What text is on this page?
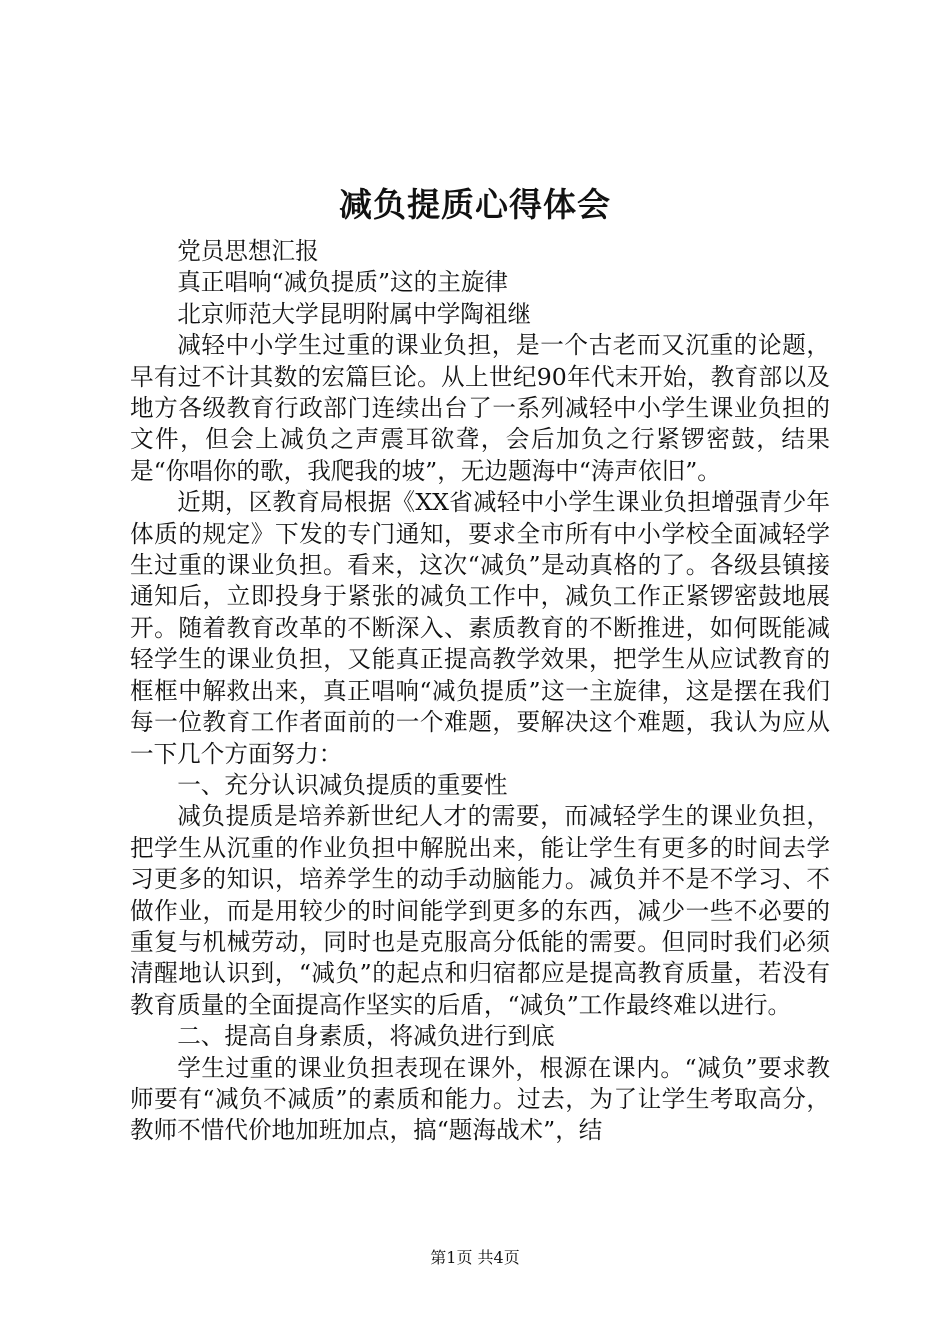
减负提质心得体会

党员思想汇报

真正唱响“减负提质”这的主旋律

北京师范大学昆明附属中学陶祖继

减轻中小学生过重的课业负担，是一个古老而又沉重的论题，早有过不计其数的宏篇巨论。从上世纪90年代末开始，教育部以及地方各级教育行政部门连续出台了一系列减轻中小学生课业负担的文件，但会上减负之声震耳欲聋，会后加负之行紧锣密鼓，结果是“你唱你的歌，我爬我的坡”，无边题海中“涛声依旧”。

近期，区教育局根据《XX省减轻中小学生课业负担增强青少年体质的规定》下发的专门通知，要求全市所有中小学校全面减轻学生过重的课业负担。看来，这次“减负”是动真格的了。各级县镇接通知后，立即投身于紧张的减负工作中，减负工作正紧锣密鼓地展开。随着教育改革的不断深入、素质教育的不断推进，如何既能减轻学生的课业负担，又能真正提高教学效果，把学生从应试教育的框框中解救出来，真正唱响“减负提质”这一主旋律，这是摆在我们每一位教育工作者面前的一个难题，要解决这个难题，我认为应从一下几个方面努力：

一、充分认识减负提质的重要性

减负提质是培养新世纪人才的需要，而减轻学生的课业负担，把学生从沉重的作业负担中解脱出来，能让学生有更多的时间去学习更多的知识，培养学生的动手动脑能力。减负并不是不学习、不做作业，而是用较少的时间能学到更多的东西，减少一些不必要的重复与机械劳动，同时也是克服高分低能的需要。但同时我们必须清醒地认识到，“减负”的起点和归宿都应是提高教育质量，若没有教育质量的全面提高作坚实的后盾，“减负”工作最终难以进行。

二、提高自身素质，将减负进行到底

学生过重的课业负担表现在课外，根源在课内。“减负”要求教师要有“减负不减质”的素质和能力。过去，为了让学生考取高分，教师不惜代价地加班加点，搞“题海战术”，结

第1页 共4页
